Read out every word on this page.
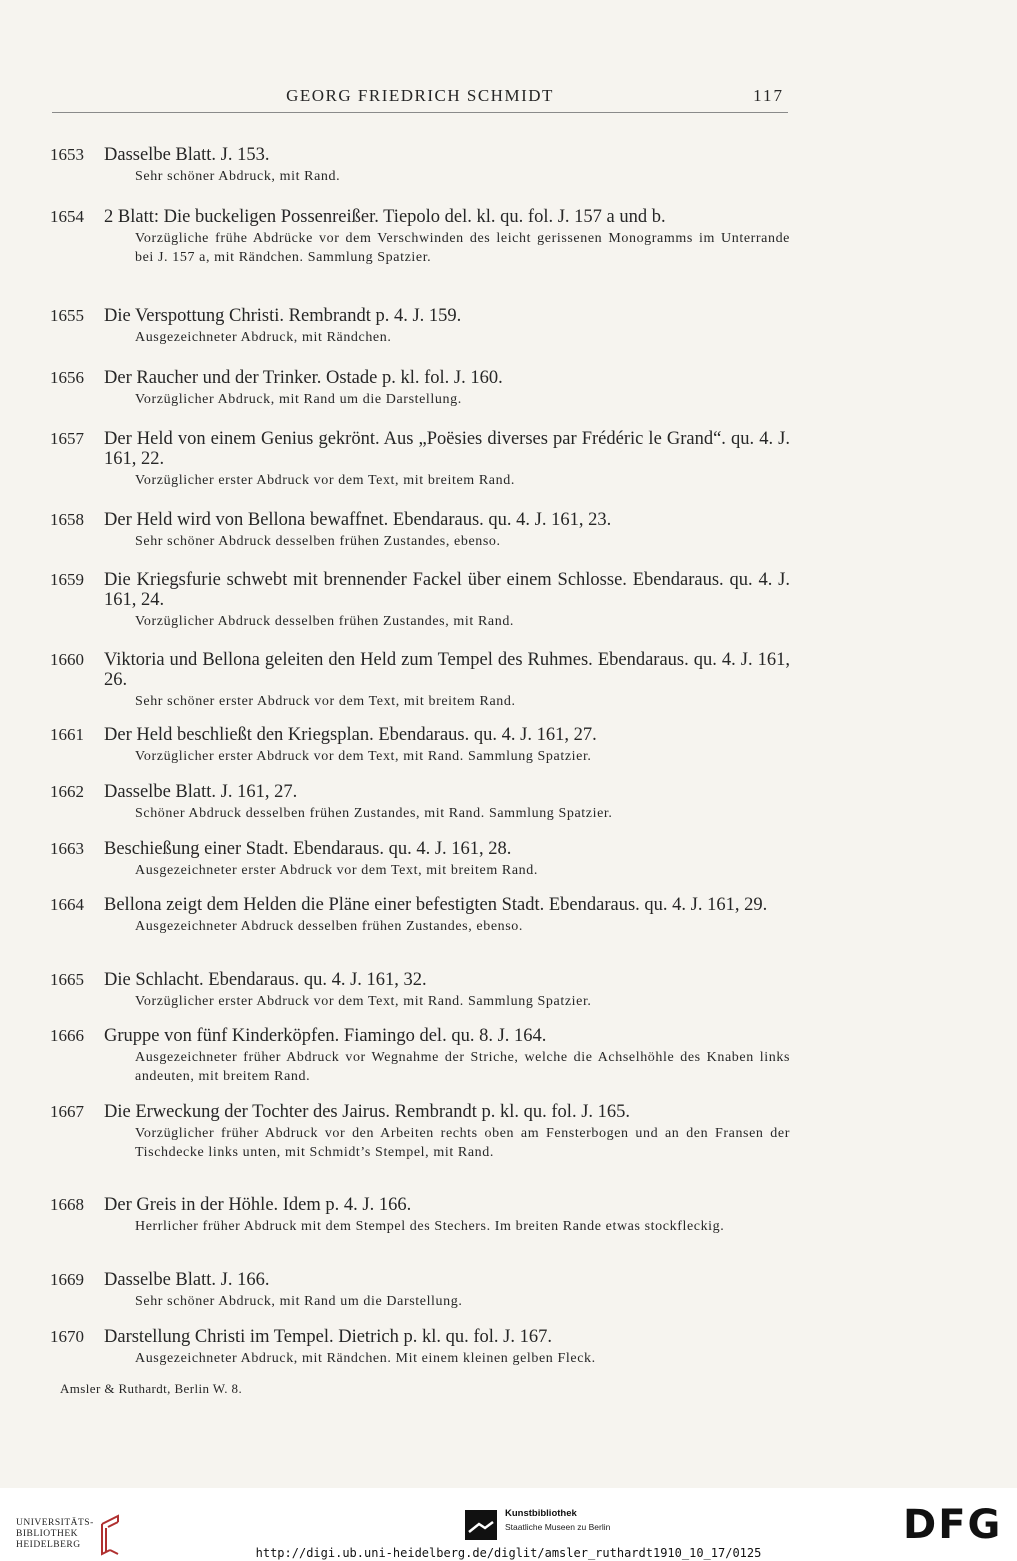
GEORG FRIEDRICH SCHMIDT	117
1653	Dasselbe Blatt. J. 153.
Sehr schöner Abdruck, mit Rand.
1654	2 Blatt: Die buckeligen Possenreißer. Tiepolo del. kl. qu. fol. J. 157 a und b.
Vorzügliche frühe Abdrücke vor dem Verschwinden des leicht gerissenen Monogramms im Unterrande bei J. 157 a, mit Rändchen. Sammlung Spatzier.
1655	Die Verspottung Christi. Rembrandt p. 4. J. 159.
Ausgezeichneter Abdruck, mit Rändchen.
1656	Der Raucher und der Trinker. Ostade p. kl. fol. J. 160.
Vorzüglicher Abdruck, mit Rand um die Darstellung.
1657	Der Held von einem Genius gekrönt. Aus „Poësies diverses par Frédéric le Grand“. qu. 4. J. 161, 22.
Vorzüglicher erster Abdruck vor dem Text, mit breitem Rand.
1658	Der Held wird von Bellona bewaffnet. Ebendaraus. qu. 4. J. 161, 23.
Sehr schöner Abdruck desselben frühen Zustandes, ebenso.
1659	Die Kriegsfurie schwebt mit brennender Fackel über einem Schlosse. Ebendaraus. qu. 4. J. 161, 24.
Vorzüglicher Abdruck desselben frühen Zustandes, mit Rand.
1660	Viktoria und Bellona geleiten den Held zum Tempel des Ruhmes. Ebendaraus. qu. 4. J. 161, 26.
Sehr schöner erster Abdruck vor dem Text, mit breitem Rand.
1661	Der Held beschließt den Kriegsplan. Ebendaraus. qu. 4. J. 161, 27.
Vorzüglicher erster Abdruck vor dem Text, mit Rand. Sammlung Spatzier.
1662	Dasselbe Blatt. J. 161, 27.
Schöner Abdruck desselben frühen Zustandes, mit Rand. Sammlung Spatzier.
1663	Beschießung einer Stadt. Ebendaraus. qu. 4. J. 161, 28.
Ausgezeichneter erster Abdruck vor dem Text, mit breitem Rand.
1664	Bellona zeigt dem Helden die Pläne einer befestigten Stadt. Ebendaraus. qu. 4. J. 161, 29.
Ausgezeichneter Abdruck desselben frühen Zustandes, ebenso.
1665	Die Schlacht. Ebendaraus. qu. 4. J. 161, 32.
Vorzüglicher erster Abdruck vor dem Text, mit Rand. Sammlung Spatzier.
1666	Gruppe von fünf Kinderköpfen. Fiamingo del. qu. 8. J. 164.
Ausgezeichneter früher Abdruck vor Wegnahme der Striche, welche die Achselhöhle des Knaben links andeuten, mit breitem Rand.
1667	Die Erweckung der Tochter des Jairus. Rembrandt p. kl. qu. fol. J. 165.
Vorzüglicher früher Abdruck vor den Arbeiten rechts oben am Fensterbogen und an den Fransen der Tischdecke links unten, mit Schmidt’s Stempel, mit Rand.
1668	Der Greis in der Höhle. Idem p. 4. J. 166.
Herrlicher früher Abdruck mit dem Stempel des Stechers. Im breiten Rande etwas stockfleckig.
1669	Dasselbe Blatt. J. 166.
Sehr schöner Abdruck, mit Rand um die Darstellung.
1670	Darstellung Christi im Tempel. Dietrich p. kl. qu. fol. J. 167.
Ausgezeichneter Abdruck, mit Rändchen. Mit einem kleinen gelben Fleck.
Amsler & Ruthardt, Berlin W. 8.
UNIVERSITÄTS-
BIBLIOTHEK
HEIDELBERG
Kunstbibliothek
Staatliche Museen zu Berlin	DFG
http://digi.ub.uni-heidelberg.de/diglit/amsler_ruthardt1910_10_17/0125
